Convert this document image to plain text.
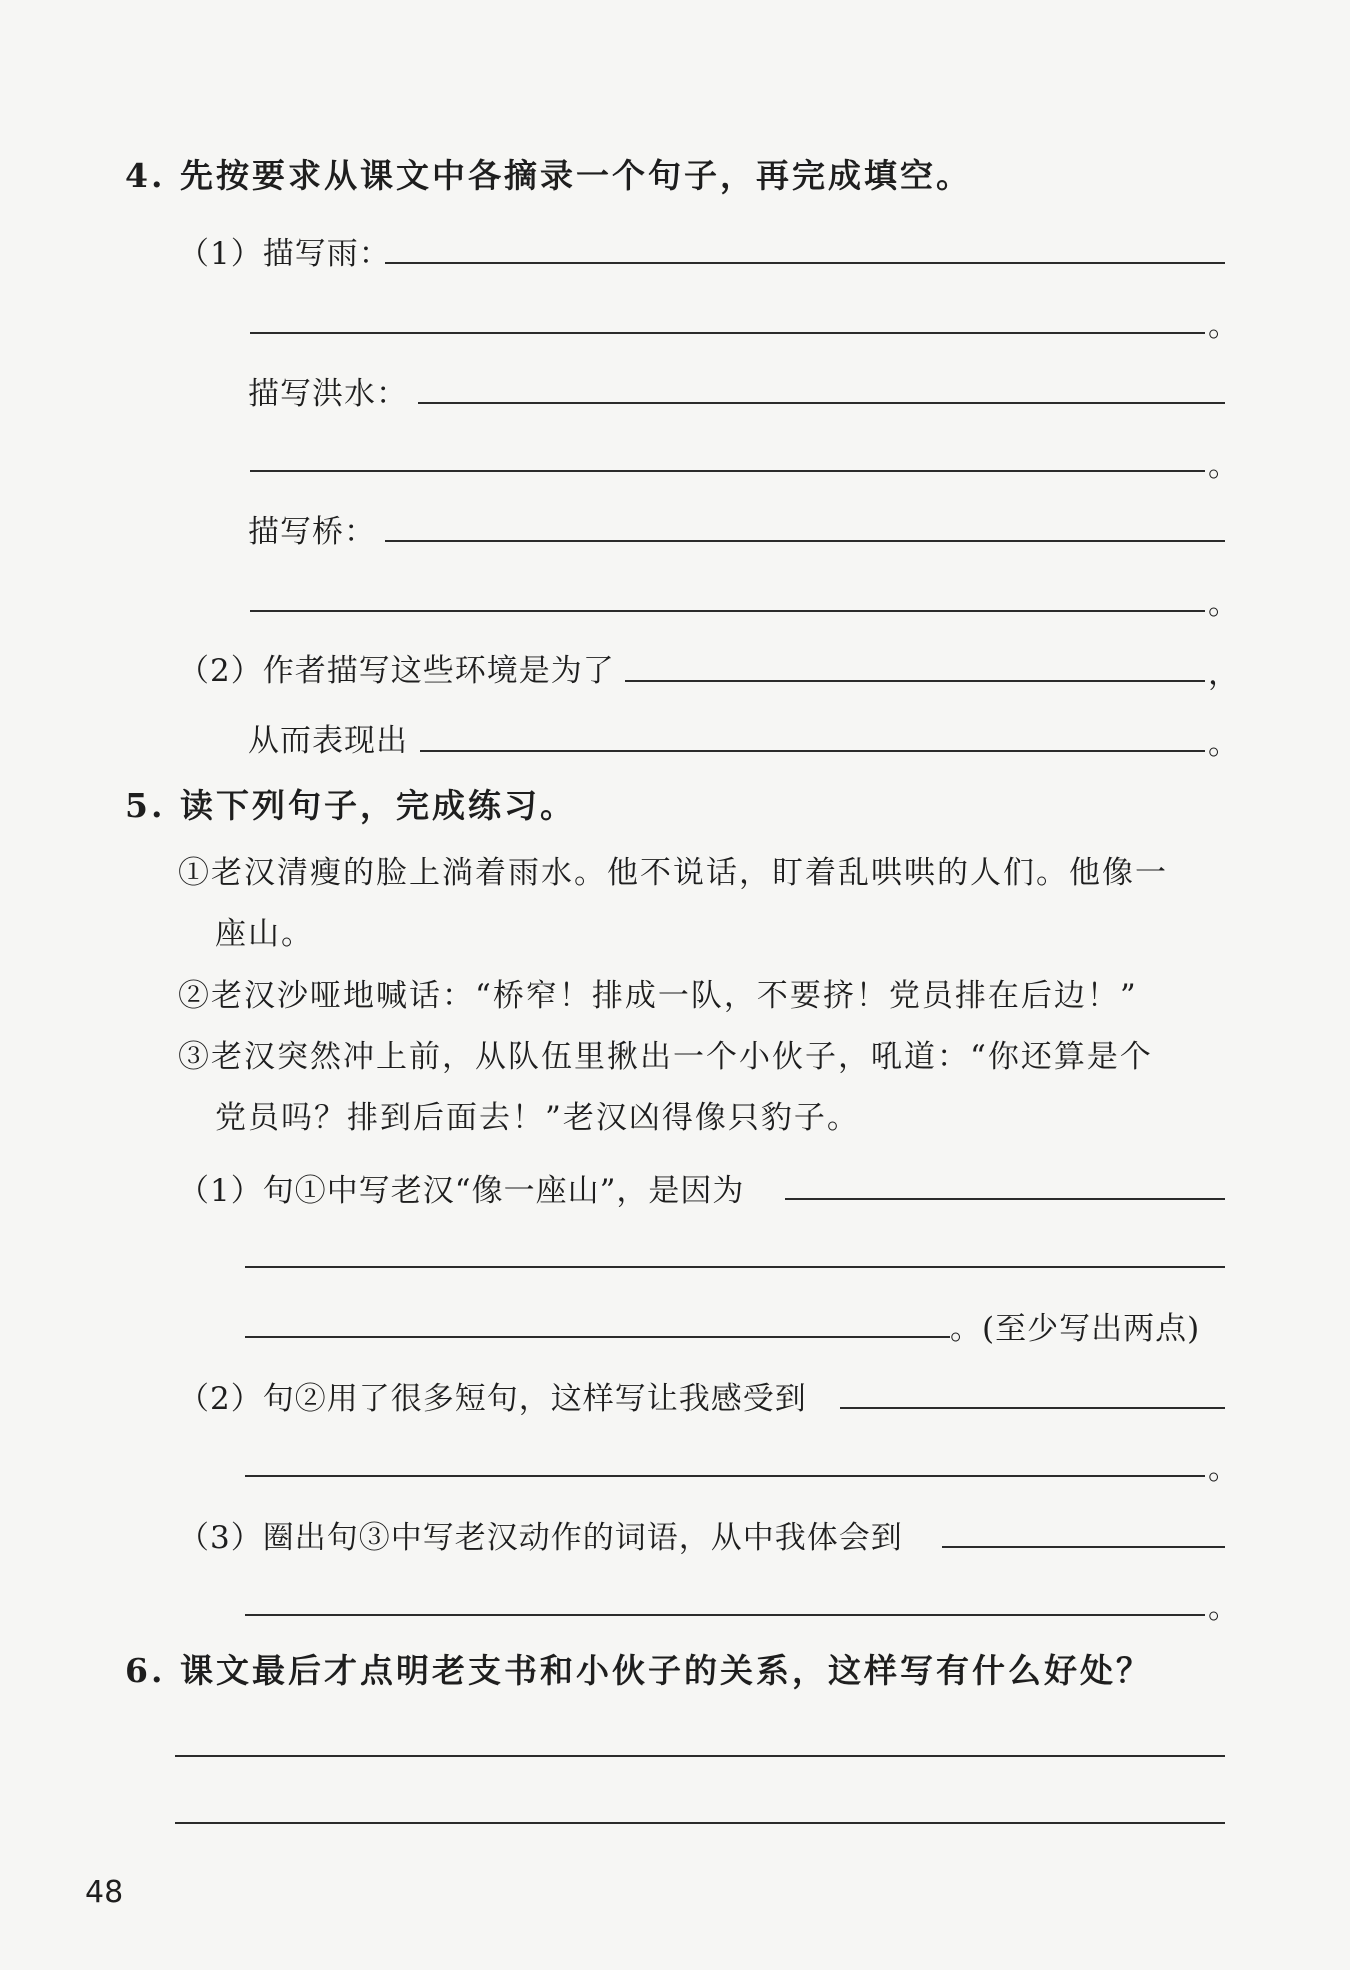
4. 先按要求从课文中各摘录一个句子，再完成填空。
（1）描写雨：
。
描写洪水：
。
描写桥：
。
（2）作者描写这些环境是为了	，
从而表现出	。
5. 读下列句子，完成练习。
①老汉清瘦的脸上淌着雨水。他不说话，盯着乱哄哄的人们。他像一
座山。
②老汉沙哑地喊话：“桥窄！排成一队，不要挤！党员排在后边！”
③老汉突然冲上前，从队伍里揪出一个小伙子，吼道：“你还算是个
党员吗？排到后面去！”老汉凶得像只豹子。
（1）句①中写老汉“像一座山”，是因为
。(至少写出两点)
（2）句②用了很多短句，这样写让我感受到
。
（3）圈出句③中写老汉动作的词语，从中我体会到
。
6. 课文最后才点明老支书和小伙子的关系，这样写有什么好处？
48
